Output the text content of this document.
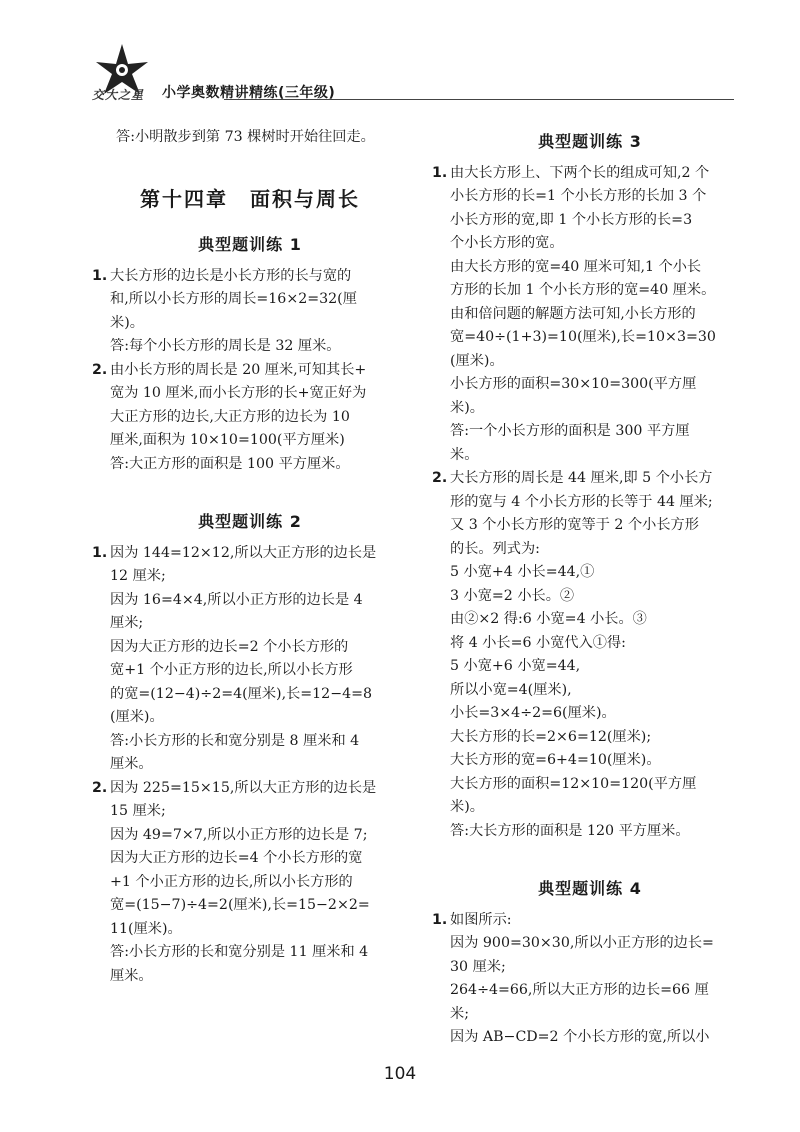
交大之星 小学奥数精讲精练(三年级)
答:小明散步到第 73 棵树时开始往回走。
第十四章　面积与周长
典型题训练 1
1. 大长方形的边长是小长方形的长与宽的
和,所以小长方形的周长=16×2=32(厘
米)。
答:每个小长方形的周长是 32 厘米。
2. 由小长方形的周长是 20 厘米,可知其长+
宽为 10 厘米,而小长方形的长+宽正好为
大正方形的边长,大正方形的边长为 10
厘米,面积为 10×10=100(平方厘米)
答:大正方形的面积是 100 平方厘米。
典型题训练 2
1. 因为 144=12×12,所以大正方形的边长是
12 厘米;
因为 16=4×4,所以小正方形的边长是 4
厘米;
因为大正方形的边长=2 个小长方形的
宽+1 个小正方形的边长,所以小长方形
的宽=(12−4)÷2=4(厘米),长=12−4=8
(厘米)。
答:小长方形的长和宽分别是 8 厘米和 4
厘米。
2. 因为 225=15×15,所以大正方形的边长是
15 厘米;
因为 49=7×7,所以小正方形的边长是 7;
因为大正方形的边长=4 个小长方形的宽
+1 个小正方形的边长,所以小长方形的
宽=(15−7)÷4=2(厘米),长=15−2×2=
11(厘米)。
答:小长方形的长和宽分别是 11 厘米和 4
厘米。
典型题训练 3
1. 由大长方形上、下两个长的组成可知,2 个
小长方形的长=1 个小长方形的长加 3 个
小长方形的宽,即 1 个小长方形的长=3
个小长方形的宽。
由大长方形的宽=40 厘米可知,1 个小长
方形的长加 1 个小长方形的宽=40 厘米。
由和倍问题的解题方法可知,小长方形的
宽=40÷(1+3)=10(厘米),长=10×3=30
(厘米)。
小长方形的面积=30×10=300(平方厘
米)。
答:一个小长方形的面积是 300 平方厘
米。
2. 大长方形的周长是 44 厘米,即 5 个小长方
形的宽与 4 个小长方形的长等于 44 厘米;
又 3 个小长方形的宽等于 2 个小长方形
的长。列式为:
5 小宽+4 小长=44,①
3 小宽=2 小长。②
由②×2 得:6 小宽=4 小长。③
将 4 小长=6 小宽代入①得:
5 小宽+6 小宽=44,
所以小宽=4(厘米),
小长=3×4÷2=6(厘米)。
大长方形的长=2×6=12(厘米);
大长方形的宽=6+4=10(厘米)。
大长方形的面积=12×10=120(平方厘
米)。
答:大长方形的面积是 120 平方厘米。
典型题训练 4
1. 如图所示:
因为 900=30×30,所以小正方形的边长=
30 厘米;
264÷4=66,所以大正方形的边长=66 厘
米;
因为 AB−CD=2 个小长方形的宽,所以小
104
